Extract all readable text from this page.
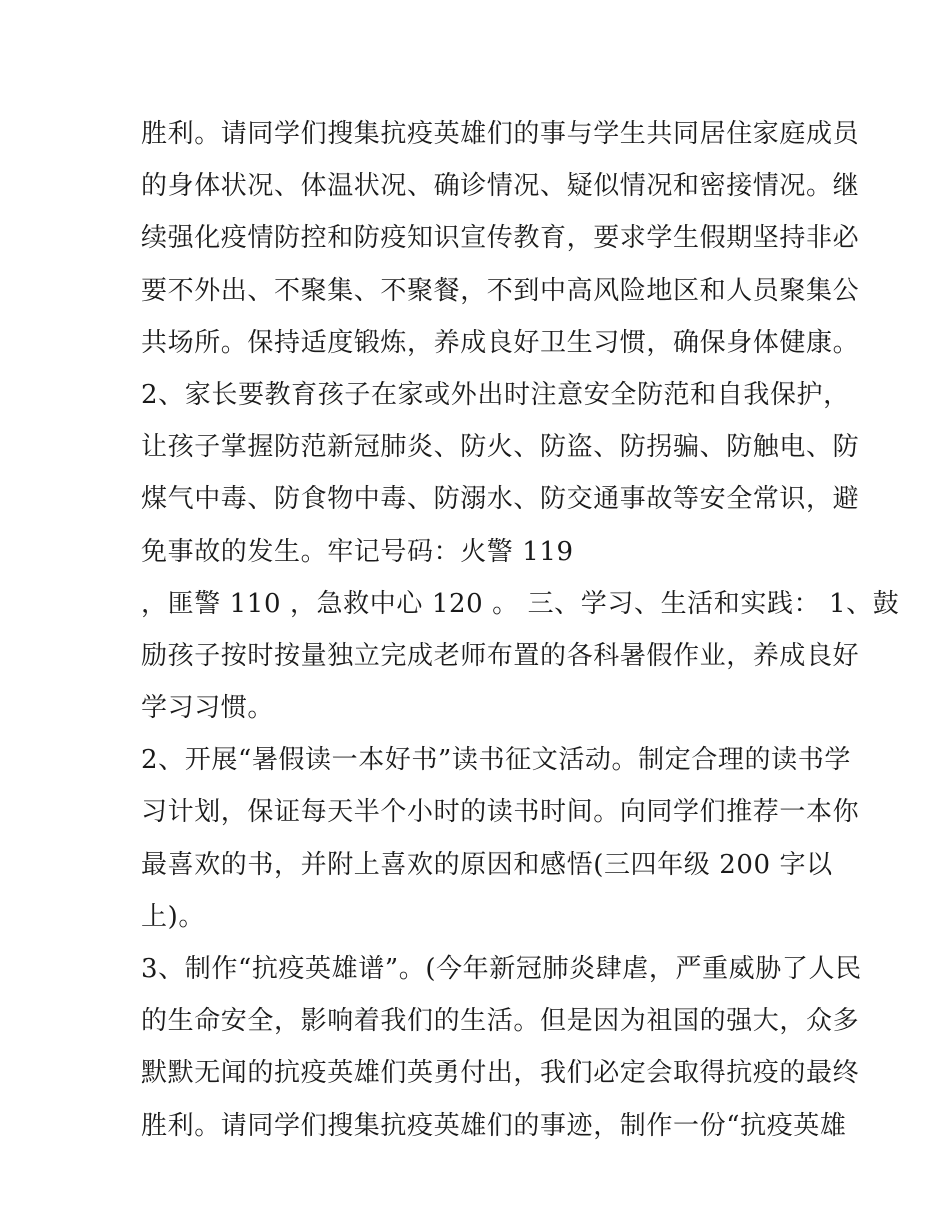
胜利。请同学们搜集抗疫英雄们的事与学生共同居住家庭成员
的身体状况、体温状况、确诊情况、疑似情况和密接情况。继
续强化疫情防控和防疫知识宣传教育，要求学生假期坚持非必
要不外出、不聚集、不聚餐，不到中高风险地区和人员聚集公
共场所。保持适度锻炼，养成良好卫生习惯，确保身体健康。
2、家长要教育孩子在家或外出时注意安全防范和自我保护，
让孩子掌握防范新冠肺炎、防火、防盗、防拐骗、防触电、防
煤气中毒、防食物中毒、防溺水、防交通事故等安全常识，避
免事故的发生。牢记号码：火警 119
，匪警 110 ，急救中心 120 。 三、学习、生活和实践： 1、鼓
励孩子按时按量独立完成老师布置的各科暑假作业，养成良好
学习习惯。
2、开展“暑假读一本好书”读书征文活动。制定合理的读书学
习计划，保证每天半个小时的读书时间。向同学们推荐一本你
最喜欢的书，并附上喜欢的原因和感悟(三四年级 200 字以
上)。
3、制作“抗疫英雄谱”。(今年新冠肺炎肆虐，严重威胁了人民
的生命安全，影响着我们的生活。但是因为祖国的强大，众多
默默无闻的抗疫英雄们英勇付出，我们必定会取得抗疫的最终
胜利。请同学们搜集抗疫英雄们的事迹，制作一份“抗疫英雄
